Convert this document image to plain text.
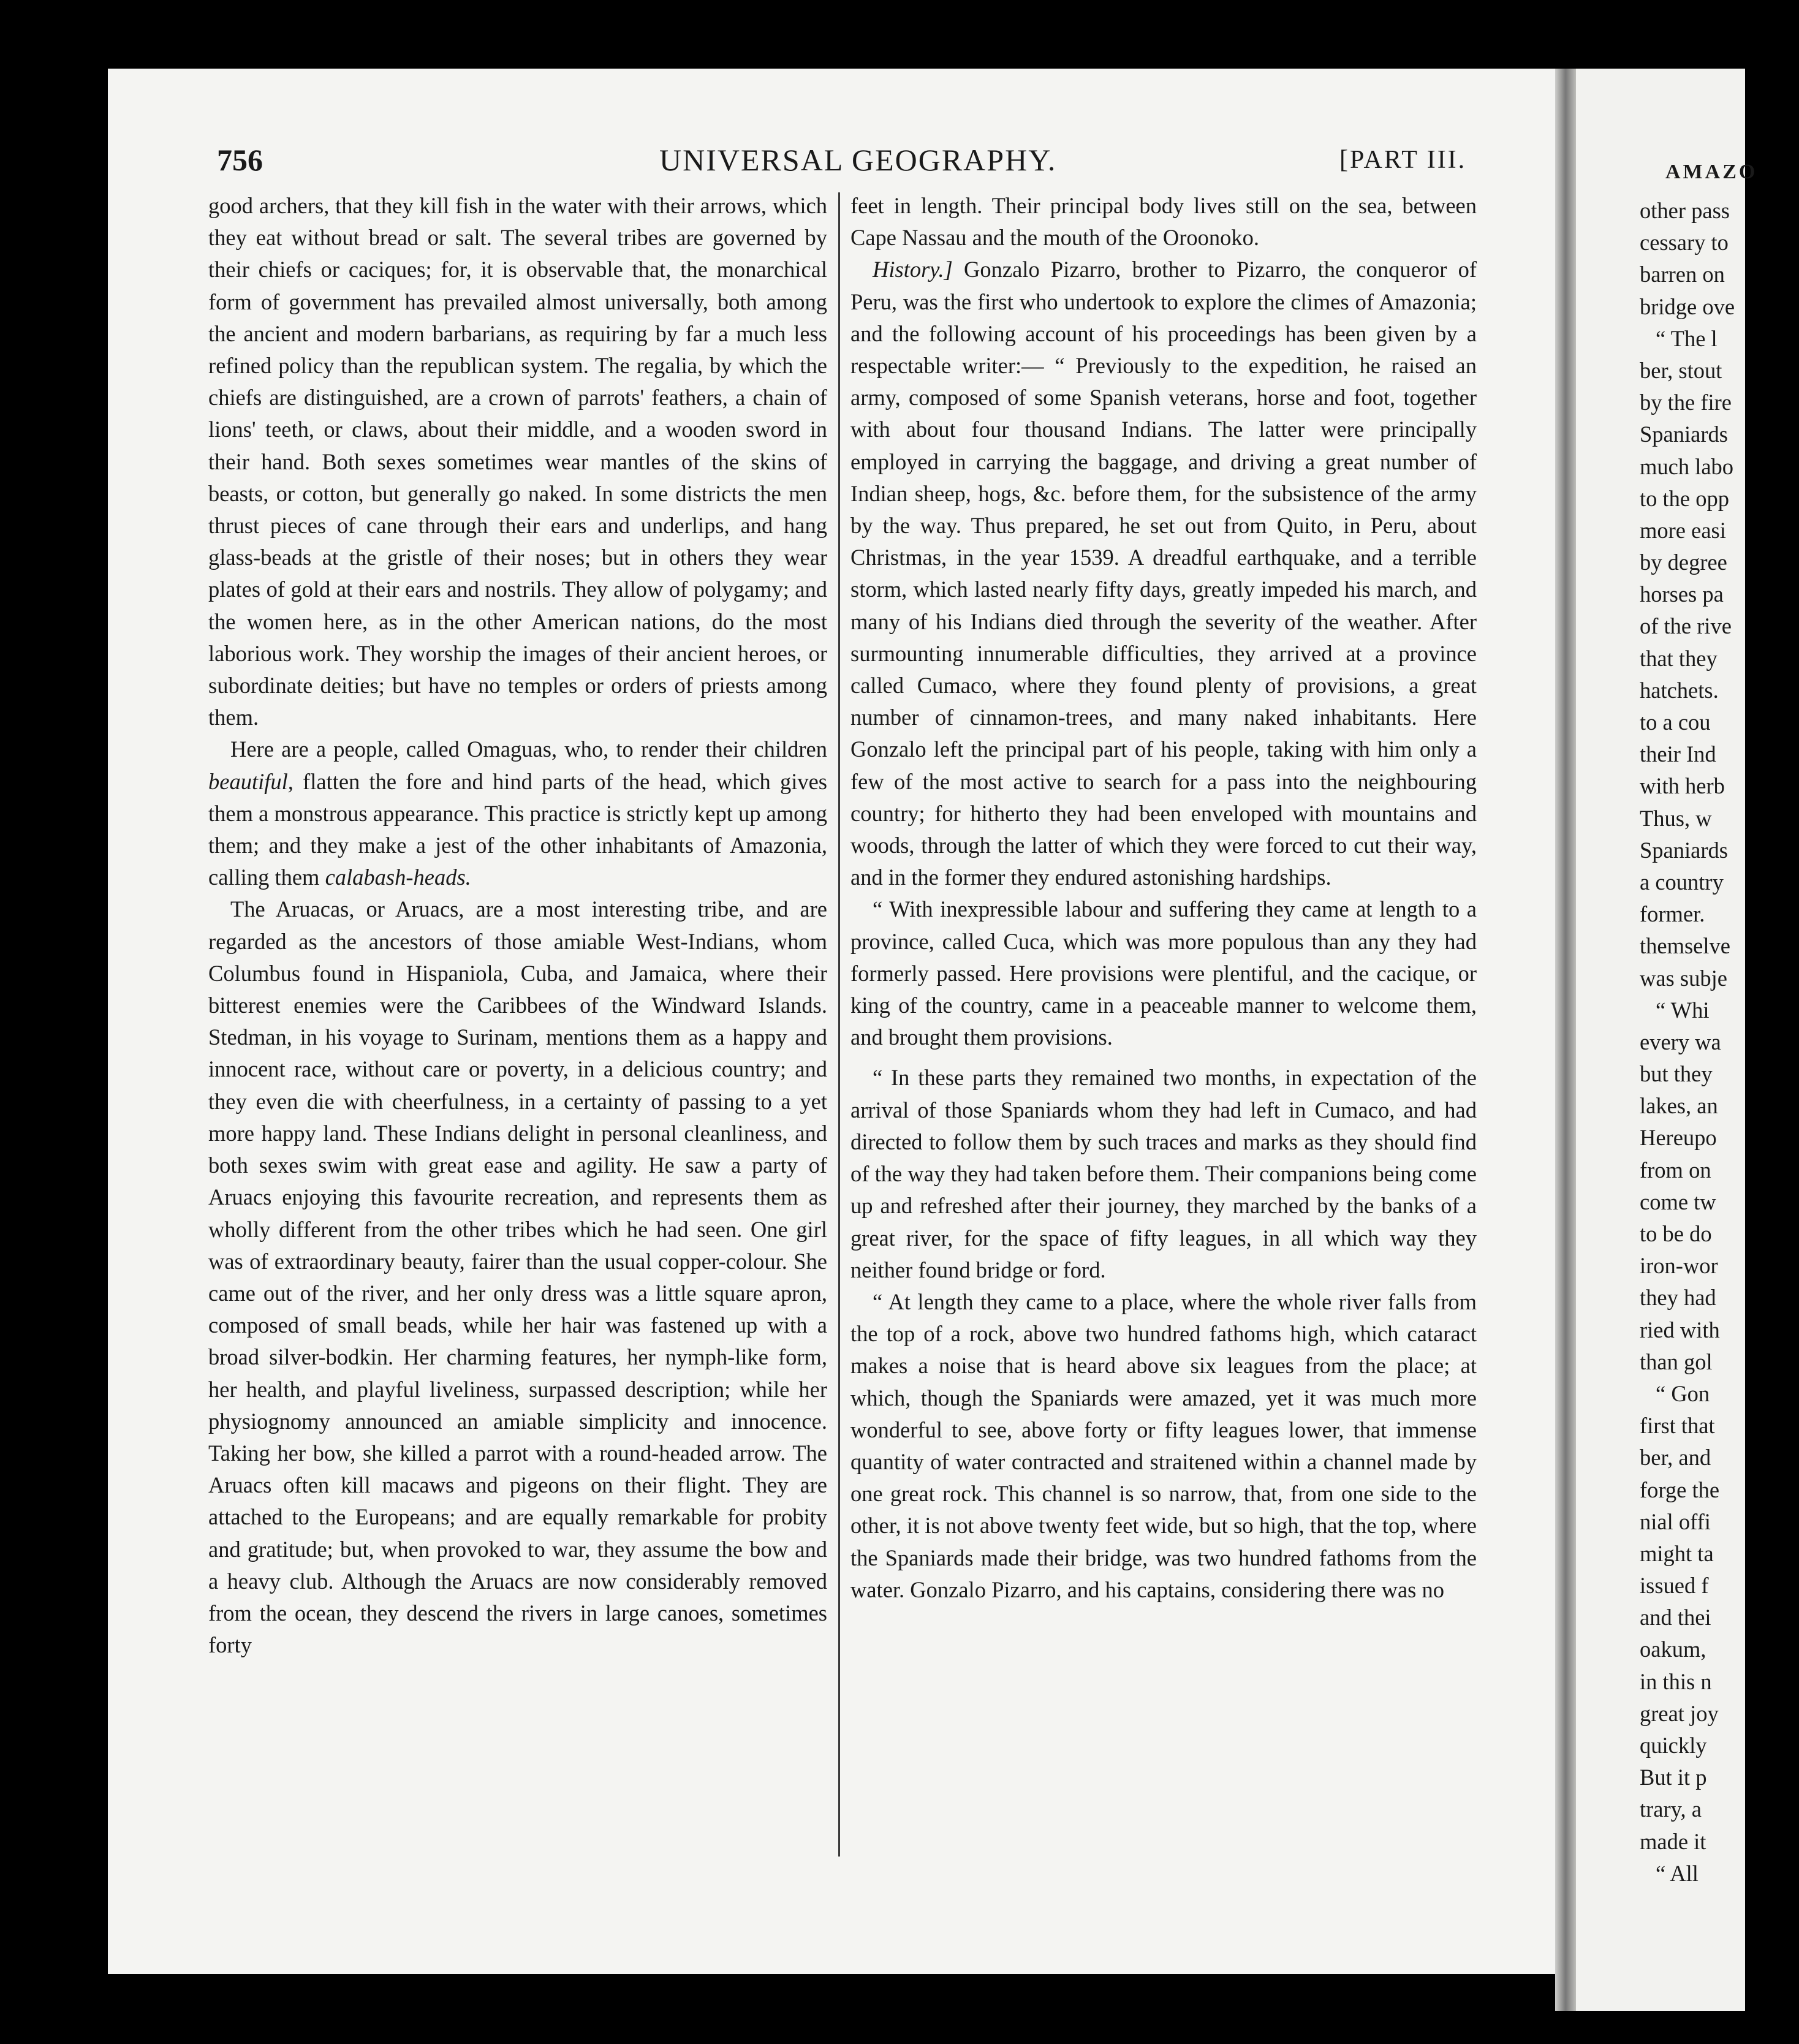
756	UNIVERSAL GEOGRAPHY.	[PART III.

good archers, that they kill fish in the water with their arrows, which they eat without bread or salt. The several tribes are governed by their chiefs or caciques; for, it is observable that, the monarchical form of government has prevailed almost universally, both among the ancient and modern barbarians, as requiring by far a much less refined policy than the republican system. The regalia, by which the chiefs are distinguished, are a crown of parrots' feathers, a chain of lions' teeth, or claws, about their middle, and a wooden sword in their hand. Both sexes sometimes wear mantles of the skins of beasts, or cotton, but generally go naked. In some districts the men thrust pieces of cane through their ears and underlips, and hang glass-beads at the gristle of their noses; but in others they wear plates of gold at their ears and nostrils. They allow of polygamy; and the women here, as in the other American nations, do the most laborious work. They worship the images of their ancient heroes, or subordinate deities; but have no temples or orders of priests among them.

Here are a people, called Omaguas, who, to render their children beautiful, flatten the fore and hind parts of the head, which gives them a monstrous appearance. This practice is strictly kept up among them; and they make a jest of the other inhabitants of Amazonia, calling them calabash-heads.

The Aruacas, or Aruacs, are a most interesting tribe, and are regarded as the ancestors of those amiable West-Indians, whom Columbus found in Hispaniola, Cuba, and Jamaica, where their bitterest enemies were the Caribbees of the Windward Islands. Stedman, in his voyage to Surinam, mentions them as a happy and innocent race, without care or poverty, in a delicious country; and they even die with cheerfulness, in a certainty of passing to a yet more happy land. These Indians delight in personal cleanliness, and both sexes swim with great ease and agility. He saw a party of Aruacs enjoying this favourite recreation, and represents them as wholly different from the other tribes which he had seen. One girl was of extraordinary beauty, fairer than the usual copper-colour. She came out of the river, and her only dress was a little square apron, composed of small beads, while her hair was fastened up with a broad silver-bodkin. Her charming features, her nymph-like form, her health, and playful liveliness, surpassed description; while her physiognomy announced an amiable simplicity and innocence. Taking her bow, she killed a parrot with a round-headed arrow. The Aruacs often kill macaws and pigeons on their flight. They are attached to the Europeans; and are equally remarkable for probity and gratitude; but, when provoked to war, they assume the bow and a heavy club. Although the Aruacs are now considerably removed from the ocean, they descend the rivers in large canoes, sometimes forty

feet in length. Their principal body lives still on the sea, between Cape Nassau and the mouth of the Oroonoko.

History.] Gonzalo Pizarro, brother to Pizarro, the conqueror of Peru, was the first who undertook to explore the climes of Amazonia; and the following account of his proceedings has been given by a respectable writer:— “ Previously to the expedition, he raised an army, composed of some Spanish veterans, horse and foot, together with about four thousand Indians. The latter were principally employed in carrying the baggage, and driving a great number of Indian sheep, hogs, &c. before them, for the subsistence of the army by the way. Thus prepared, he set out from Quito, in Peru, about Christmas, in the year 1539. A dreadful earthquake, and a terrible storm, which lasted nearly fifty days, greatly impeded his march, and many of his Indians died through the severity of the weather. After surmounting innumerable difficulties, they arrived at a province called Cumaco, where they found plenty of provisions, a great number of cinnamon-trees, and many naked inhabitants. Here Gonzalo left the principal part of his people, taking with him only a few of the most active to search for a pass into the neighbouring country; for hitherto they had been enveloped with mountains and woods, through the latter of which they were forced to cut their way, and in the former they endured astonishing hardships.

“ With inexpressible labour and suffering they came at length to a province, called Cuca, which was more populous than any they had formerly passed. Here provisions were plentiful, and the cacique, or king of the country, came in a peaceable manner to welcome them, and brought them provisions.

“ In these parts they remained two months, in expectation of the arrival of those Spaniards whom they had left in Cumaco, and had directed to follow them by such traces and marks as they should find of the way they had taken before them. Their companions being come up and refreshed after their journey, they marched by the banks of a great river, for the space of fifty leagues, in all which way they neither found bridge or ford.

“ At length they came to a place, where the whole river falls from the top of a rock, above two hundred fathoms high, which cataract makes a noise that is heard above six leagues from the place; at which, though the Spaniards were amazed, yet it was much more wonderful to see, above forty or fifty leagues lower, that immense quantity of water contracted and straitened within a channel made by one great rock. This channel is so narrow, that, from one side to the other, it is not above twenty feet wide, but so high, that the top, where the Spaniards made their bridge, was two hundred fathoms from the water. Gonzalo Pizarro, and his captains, considering there was no

AMAZO
other pass
cessary to
barren on
bridge ove
“ The l
ber, stout
by the fire
Spaniards
much labo
to the opp
more easi
by degree
horses pa
of the rive
that they
hatchets.
to a cou
their Ind
with herb
Thus, w
Spaniards
a country
former.
themselve
was subje
“ Whi
every wa
but they
lakes, an
Hereupo
from on
come tw
to be do
iron-wor
they had
ried with
than gol
“ Gon
first that
ber, and
forge the
nial offi
might ta
issued f
and thei
oakum,
in this n
great joy
quickly
But it p
trary, a
made it
“ All
